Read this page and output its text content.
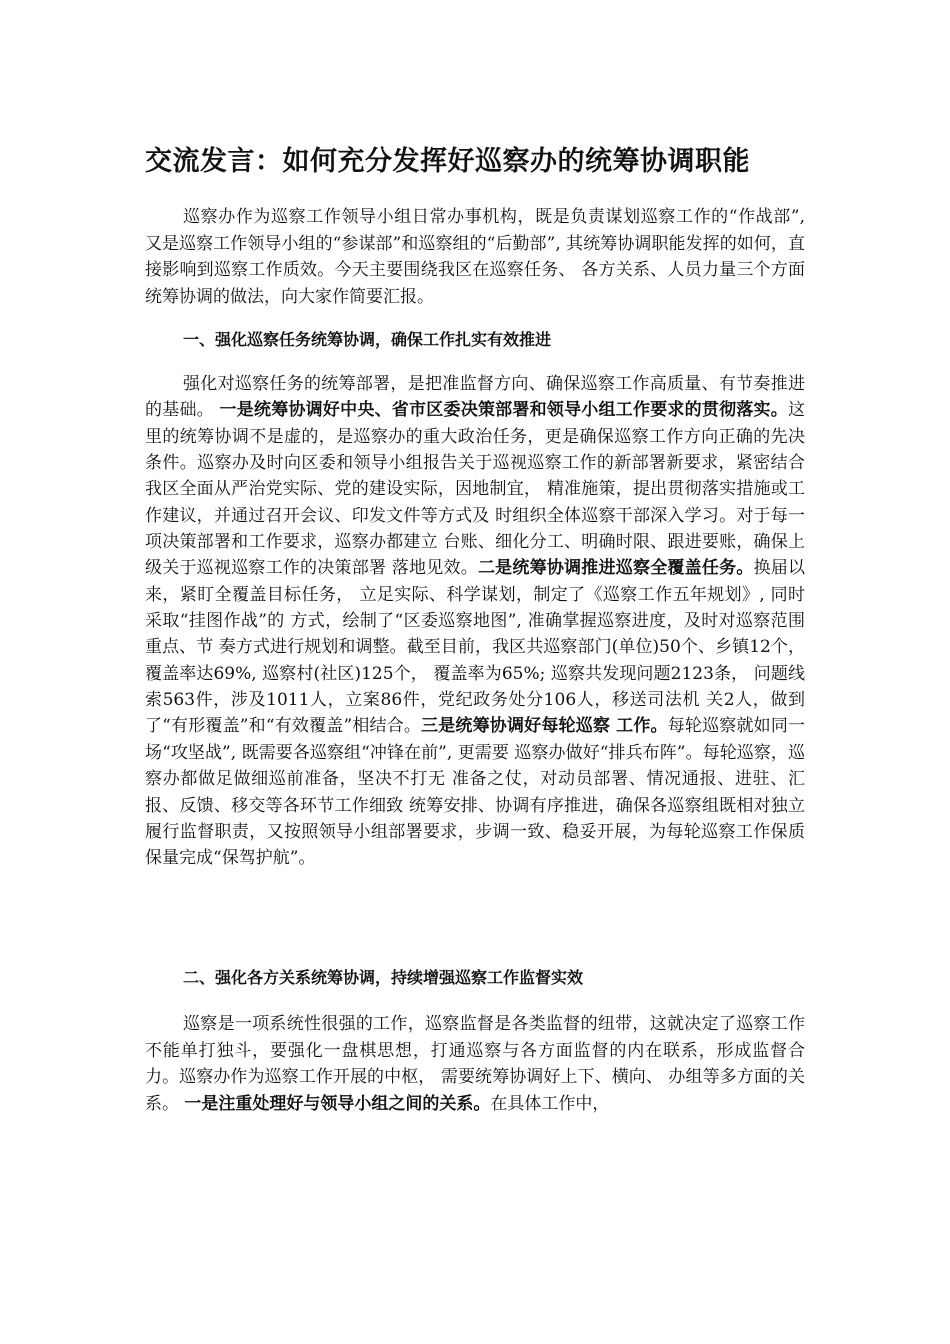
交流发言：如何充分发挥好巡察办的统筹协调职能

巡察办作为巡察工作领导小组日常办事机构，既是负责谋划巡察工作的“作战部”, 又是巡察工作领导小组的“参谋部”和巡察组的“后勤部”, 其统筹协调职能发挥的如何，直接影响到巡察工作质效。今天主要围绕我区在巡察任务、 各方关系、人员力量三个方面统筹协调的做法，向大家作简要汇报。

一、强化巡察任务统筹协调，确保工作扎实有效推进

强化对巡察任务的统筹部署，是把准监督方向、确保巡察工作高质量、有节奏推进的基础。 一是统筹协调好中央、省市区委决策部署和领导小组工作要求的贯彻落实。这里的统筹协调不是虚的，是巡察办的重大政治任务，更是确保巡察工作方向正确的先决条件。巡察办及时向区委和领导小组报告关于巡视巡察工作的新部署新要求，紧密结合我区全面从严治党实际、党的建设实际，因地制宜， 精准施策，提出贯彻落实措施或工作建议，并通过召开会议、印发文件等方式及 时组织全体巡察干部深入学习。对于每一项决策部署和工作要求，巡察办都建立 台账、细化分工、明确时限、跟进要账，确保上级关于巡视巡察工作的决策部署 落地见效。二是统筹协调推进巡察全覆盖任务。换届以来，紧盯全覆盖目标任务， 立足实际、科学谋划，制定了《巡察工作五年规划》, 同时采取“挂图作战”的 方式，绘制了“区委巡察地图”, 准确掌握巡察进度，及时对巡察范围重点、节 奏方式进行规划和调整。截至目前，我区共巡察部门(单位)50个、乡镇12个， 覆盖率达69%, 巡察村(社区)125个， 覆盖率为65%; 巡察共发现问题2123条， 问题线索563件，涉及1011人，立案86件，党纪政务处分106人，移送司法机 关2人，做到了“有形覆盖”和“有效覆盖”相结合。三是统筹协调好每轮巡察 工作。每轮巡察就如同一场“攻坚战”, 既需要各巡察组“冲锋在前”, 更需要 巡察办做好“排兵布阵”。每轮巡察，巡察办都做足做细巡前准备，坚决不打无 准备之仗，对动员部署、情况通报、进驻、汇报、反馈、移交等各环节工作细致 统筹安排、协调有序推进，确保各巡察组既相对独立履行监督职责，又按照领导小组部署要求，步调一致、稳妥开展，为每轮巡察工作保质保量完成“保驾护航”。

二、强化各方关系统筹协调，持续增强巡察工作监督实效

巡察是一项系统性很强的工作，巡察监督是各类监督的纽带，这就决定了巡察工作不能单打独斗，要强化一盘棋思想，打通巡察与各方面监督的内在联系，形成监督合力。巡察办作为巡察工作开展的中枢， 需要统筹协调好上下、横向、 办组等多方面的关系。 一是注重处理好与领导小组之间的关系。在具体工作中，
